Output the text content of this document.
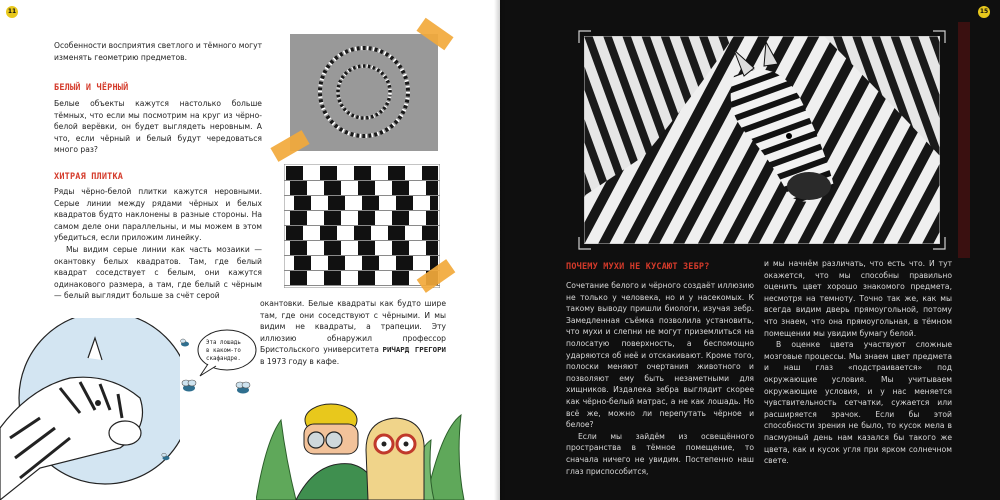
11
Особенности восприятия светлого и тёмного могут изменять геометрию предметов.
БЕЛЫЙ И ЧЁРНЫЙ
Белые объекты кажутся настолько больше тёмных, что если мы посмотрим на круг из чёрно-белой верёвки, он будет выглядеть неровным. А что, если чёрный и белый будут чередоваться много раз?
ХИТРАЯ ПЛИТКА

Ряды чёрно-белой плитки кажутся неровными. Серые линии между рядами чёрных и белых квадратов будто наклонены в разные стороны. На самом деле они параллельны, и мы можем в этом убедиться, если приложим линейку.

Мы видим серые линии как часть мозаики — окантовку белых квадратов. Там, где белый квадрат соседствует с белым, они кажутся одинакового размера, а там, где белый с чёрным — белый выглядит больше за счёт серой

окантовки. Белые квадраты как будто шире там, где они соседствуют с чёрными. И мы видим не квадраты, а трапеции. Эту иллюзию обнаружил профессор Бристольского университета РИЧАРД ГРЕГОРИ в 1973 году в кафе.
Эта лошадь
в каком-то
скафандре.
15
ПОЧЕМУ МУХИ НЕ КУСАЮТ ЗЕБР?

Сочетание белого и чёрного создаёт иллюзию не только у человека, но и у насекомых. К такому выводу пришли биологи, изучая зебр. Замедленная съёмка позволила установить, что мухи и слепни не могут приземлиться на полосатую поверхность, а беспомощно ударяются об неё и отскакивают. Кроме того, полоски меняют очертания животного и позволяют ему быть незаметными для хищников. Издалека зебра выглядит скорее как чёрно-белый матрас, а не как лошадь. Но всё же, можно ли перепутать чёрное и белое?

Если мы зайдём из освещённого пространства в тёмное помещение, то сначала ничего не увидим. Постепенно наш глаз приспособится,

и мы начнём различать, что есть что. И тут окажется, что мы способны правильно оценить цвет хорошо знакомого предмета, несмотря на темноту. Точно так же, как мы всегда видим дверь прямоугольной, потому что знаем, что она прямоугольная, в тёмном помещении мы увидим бумагу белой.

В оценке цвета участвуют сложные мозговые процессы. Мы знаем цвет предмета и наш глаз «подстраивается» под окружающие условия. Мы учитываем окружающие условия, и у нас меняется чувствительность сетчатки, сужается или расширяется зрачок. Если бы этой способности зрения не было, то кусок мела в пасмурный день нам казался бы такого же цвета, как и кусок угля при ярком солнечном свете.
